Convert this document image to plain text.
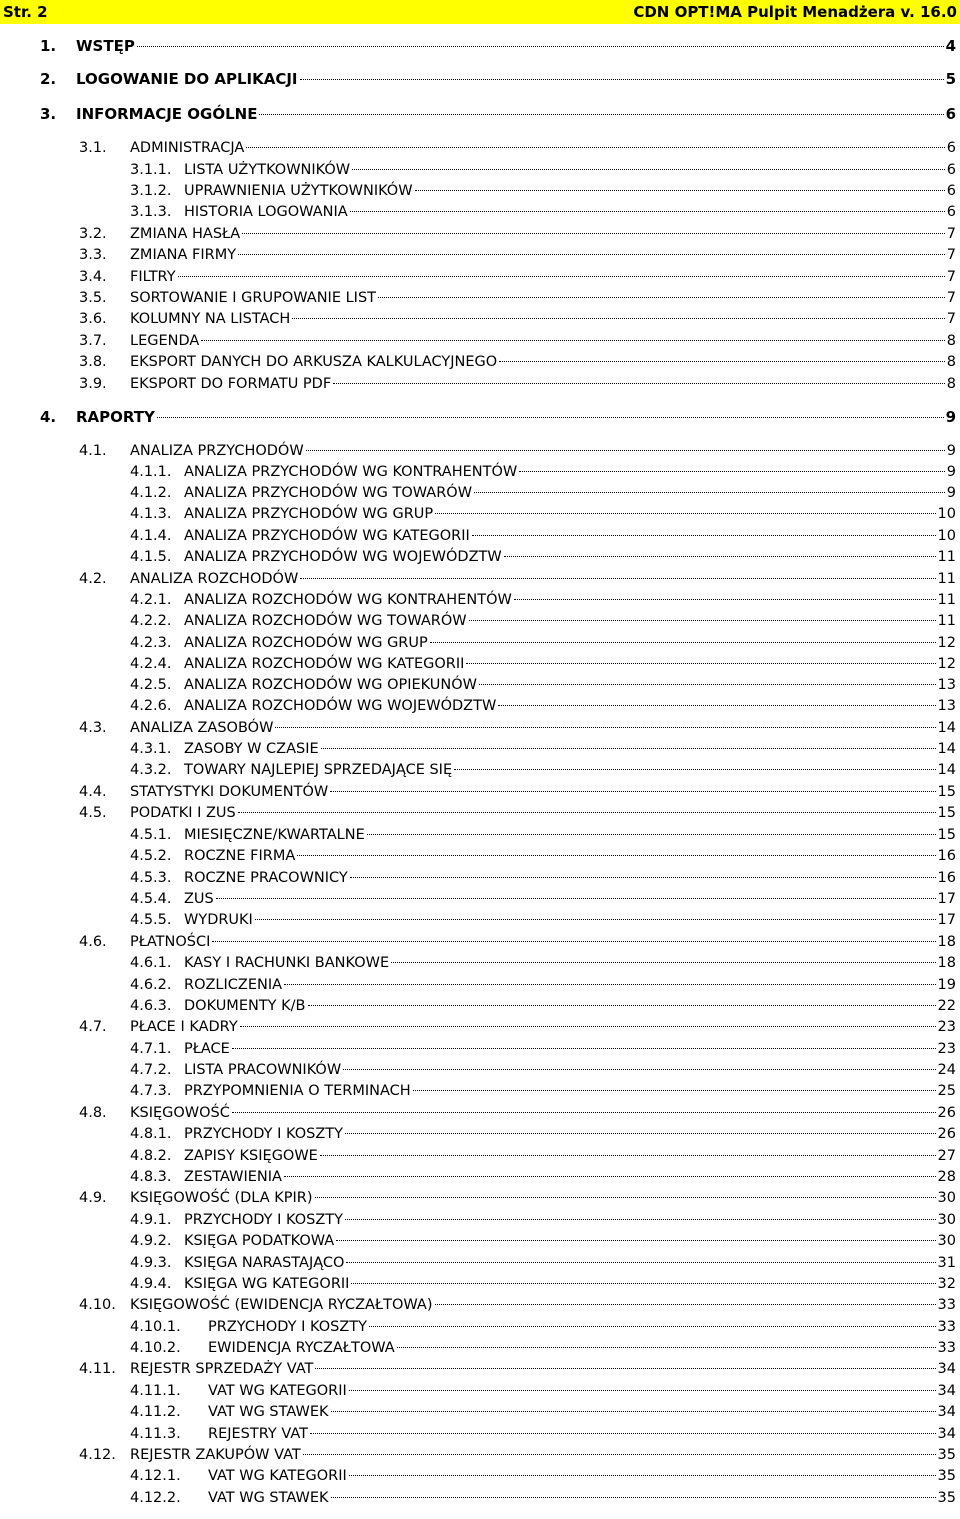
Str. 2	CDN OPT!MA Pulpit Menadżera v. 16.0
1.	WSTĘP	4
2.	LOGOWANIE DO APLIKACJI	5
3.	INFORMACJE OGÓLNE	6
3.1.	ADMINISTRACJA	6
3.1.1. LISTA UŻYTKOWNIKÓW	6
3.1.2. UPRAWNIENIA UŻYTKOWNIKÓW	6
3.1.3. HISTORIA LOGOWANIA	6
3.2.	ZMIANA HASŁA	7
3.3.	ZMIANA FIRMY	7
3.4.	FILTRY	7
3.5.	SORTOWANIE I GRUPOWANIE LIST	7
3.6.	KOLUMNY NA LISTACH	7
3.7.	LEGENDA	8
3.8.	EKSPORT DANYCH DO ARKUSZA KALKULACYJNEGO	8
3.9.	EKSPORT DO FORMATU PDF	8
4.	RAPORTY	9
4.1.	ANALIZA PRZYCHODÓW	9
4.1.1. ANALIZA PRZYCHODÓW WG KONTRAHENTÓW	9
4.1.2. ANALIZA PRZYCHODÓW WG TOWARÓW	9
4.1.3. ANALIZA PRZYCHODÓW WG GRUP	10
4.1.4. ANALIZA PRZYCHODÓW WG KATEGORII	10
4.1.5. ANALIZA PRZYCHODÓW WG WOJEWÓDZTW	11
4.2.	ANALIZA ROZCHODÓW	11
4.2.1. ANALIZA ROZCHODÓW WG KONTRAHENTÓW	11
4.2.2. ANALIZA ROZCHODÓW WG TOWARÓW	11
4.2.3. ANALIZA ROZCHODÓW WG GRUP	12
4.2.4. ANALIZA ROZCHODÓW WG KATEGORII	12
4.2.5. ANALIZA ROZCHODÓW WG OPIEKUNÓW	13
4.2.6. ANALIZA ROZCHODÓW WG WOJEWÓDZTW	13
4.3.	ANALIZA ZASOBÓW	14
4.3.1. ZASOBY W CZASIE	14
4.3.2. TOWARY NAJLEPIEJ SPRZEDAJĄCE SIĘ	14
4.4.	STATYSTYKI DOKUMENTÓW	15
4.5.	PODATKI I ZUS	15
4.5.1. MIESIĘCZNE/KWARTALNE	15
4.5.2. ROCZNE FIRMA	16
4.5.3. ROCZNE PRACOWNICY	16
4.5.4. ZUS	17
4.5.5. WYDRUKI	17
4.6.	PŁATNOŚCI	18
4.6.1. KASY I RACHUNKI BANKOWE	18
4.6.2. ROZLICZENIA	19
4.6.3. DOKUMENTY K/B	22
4.7.	PŁACE I KADRY	23
4.7.1. PŁACE	23
4.7.2. LISTA PRACOWNIKÓW	24
4.7.3. PRZYPOMNIENIA O TERMINACH	25
4.8.	KSIĘGOWOŚĆ	26
4.8.1. PRZYCHODY I KOSZTY	26
4.8.2. ZAPISY KSIĘGOWE	27
4.8.3. ZESTAWIENIA	28
4.9.	KSIĘGOWOŚĆ (DLA KPIR)	30
4.9.1. PRZYCHODY I KOSZTY	30
4.9.2. KSIĘGA PODATKOWA	30
4.9.3. KSIĘGA NARASTAJĄCO	31
4.9.4. KSIĘGA WG KATEGORII	32
4.10. KSIĘGOWOŚĆ (EWIDENCJA RYCZAŁTOWA)	33
4.10.1.	PRZYCHODY I KOSZTY	33
4.10.2.	EWIDENCJA RYCZAŁTOWA	33
4.11. REJESTR SPRZEDAŻY VAT	34
4.11.1.	VAT WG KATEGORII	34
4.11.2.	VAT WG STAWEK	34
4.11.3.	REJESTRY VAT	34
4.12. REJESTR ZAKUPÓW VAT	35
4.12.1.	VAT WG KATEGORII	35
4.12.2.	VAT WG STAWEK	35
